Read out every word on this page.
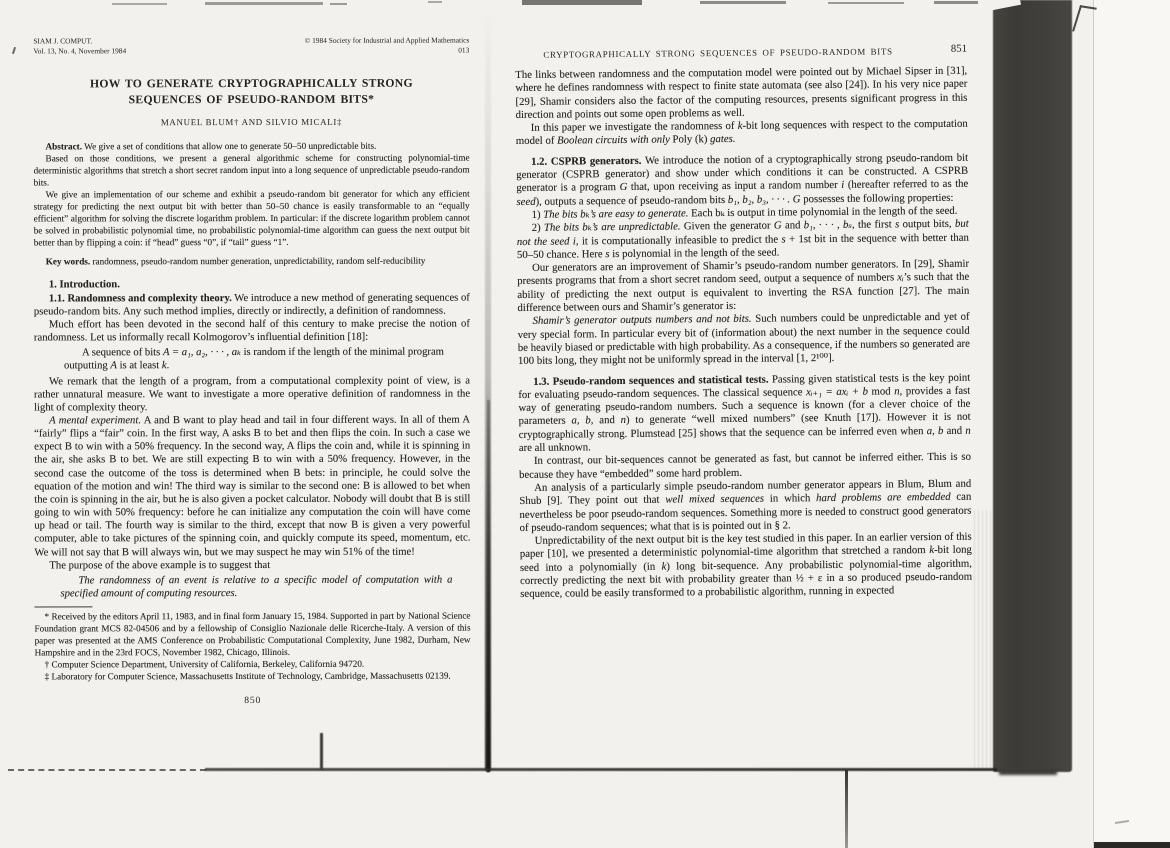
SIAM J. COMPUT.
Vol. 13, No. 4, November 1984
© 1984 Society for Industrial and Applied Mathematics
013
HOW TO GENERATE CRYPTOGRAPHICALLY STRONG
SEQUENCES OF PSEUDO-RANDOM BITS*
MANUEL BLUM† AND SILVIO MICALI‡

Abstract. We give a set of conditions that allow one to generate 50–50 unpredictable bits.

Based on those conditions, we present a general algorithmic scheme for constructing polynomial-time deterministic algorithms that stretch a short secret random input into a long sequence of unpredictable pseudo-random bits.

We give an implementation of our scheme and exhibit a pseudo-random bit generator for which any efficient strategy for predicting the next output bit with better than 50–50 chance is easily transformable to an “equally efficient” algorithm for solving the discrete logarithm problem. In particular: if the discrete logarithm problem cannot be solved in probabilistic polynomial time, no probabilistic polynomial-time algorithm can guess the next output bit better than by flipping a coin: if “head” guess “0”, if “tail” guess “1”.

Key words. randomness, pseudo-random number generation, unpredictability, random self-reducibility

1. Introduction.

1.1. Randomness and complexity theory. We introduce a new method of generating sequences of pseudo-random bits. Any such method implies, directly or indirectly, a definition of randomness.

Much effort has been devoted in the second half of this century to make precise the notion of randomness. Let us informally recall Kolmogorov’s influential definition [18]:

A sequence of bits A = a₁, a₂, · · · , aₖ is random if the length of the minimal program outputting A is at least k.

We remark that the length of a program, from a computational complexity point of view, is a rather unnatural measure. We want to investigate a more operative definition of randomness in the light of complexity theory.

A mental experiment. A and B want to play head and tail in four different ways. In all of them A “fairly” flips a “fair” coin. In the first way, A asks B to bet and then flips the coin. In such a case we expect B to win with a 50% frequency. In the second way, A flips the coin and, while it is spinning in the air, she asks B to bet. We are still expecting B to win with a 50% frequency. However, in the second case the outcome of the toss is determined when B bets: in principle, he could solve the equation of the motion and win! The third way is similar to the second one: B is allowed to bet when the coin is spinning in the air, but he is also given a pocket calculator. Nobody will doubt that B is still going to win with 50% frequency: before he can initialize any computation the coin will have come up head or tail. The fourth way is similar to the third, except that now B is given a very powerful computer, able to take pictures of the spinning coin, and quickly compute its speed, momentum, etc. We will not say that B will always win, but we may suspect he may win 51% of the time!

The purpose of the above example is to suggest that

The randomness of an event is relative to a specific model of computation with a specified amount of computing resources.

* Received by the editors April 11, 1983, and in final form January 15, 1984. Supported in part by National Science Foundation grant MCS 82-04506 and by a fellowship of Consiglio Nazionale delle Ricerche-Italy. A version of this paper was presented at the AMS Conference on Probabilistic Computational Complexity, June 1982, Durham, New Hampshire and in the 23rd FOCS, November 1982, Chicago, Illinois.

† Computer Science Department, University of California, Berkeley, California 94720.

‡ Laboratory for Computer Science, Massachusetts Institute of Technology, Cambridge, Massachusetts 02139.

850
CRYPTOGRAPHICALLY STRONG SEQUENCES OF PSEUDO-RANDOM BITS	851

The links between randomness and the computation model were pointed out by Michael Sipser in [31], where he defines randomness with respect to finite state automata (see also [24]). In his very nice paper [29], Shamir considers also the factor of the computing resources, presents significant progress in this direction and points out some open problems as well.

In this paper we investigate the randomness of k-bit long sequences with respect to the computation model of Boolean circuits with only Poly (k) gates.

1.2. CSPRB generators. We introduce the notion of a cryptographically strong pseudo-random bit generator (CSPRB generator) and show under which conditions it can be constructed. A CSPRB generator is a program G that, upon receiving as input a random number i (hereafter referred to as the seed), outputs a sequence of pseudo-random bits b₁, b₂, b₃, · · · . G possesses the following properties:

1) The bits bₖ’s are easy to generate. Each bₖ is output in time polynomial in the length of the seed.

2) The bits bₖ’s are unpredictable. Given the generator G and b₁, · · · , bₛ, the first s output bits, but not the seed i, it is computationally infeasible to predict the s + 1st bit in the sequence with better than 50–50 chance. Here s is polynomial in the length of the seed.

Our generators are an improvement of Shamir’s pseudo-random number generators. In [29], Shamir presents programs that from a short secret random seed, output a sequence of numbers xᵢ’s such that the ability of predicting the next output is equivalent to inverting the RSA function [27]. The main difference between ours and Shamir’s generator is:

Shamir’s generator outputs numbers and not bits. Such numbers could be unpredictable and yet of very special form. In particular every bit of (information about) the next number in the sequence could be heavily biased or predictable with high probability. As a consequence, if the numbers so generated are 100 bits long, they might not be uniformly spread in the interval [1, 2¹⁰⁰].

1.3. Pseudo-random sequences and statistical tests. Passing given statistical tests is the key point for evaluating pseudo-random sequences. The classical sequence xᵢ₊₁ = axᵢ + b mod n, provides a fast way of generating pseudo-random numbers. Such a sequence is known (for a clever choice of the parameters a, b, and n) to generate “well mixed numbers” (see Knuth [17]). However it is not cryptographically strong. Plumstead [25] shows that the sequence can be inferred even when a, b and n are all unknown.

In contrast, our bit-sequences cannot be generated as fast, but cannot be inferred either. This is so because they have “embedded” some hard problem.

An analysis of a particularly simple pseudo-random number generator appears in Blum, Blum and Shub [9]. They point out that well mixed sequences in which hard problems are embedded can nevertheless be poor pseudo-random sequences. Something more is needed to construct good generators of pseudo-random sequences; what that is is pointed out in § 2.

Unpredictability of the next output bit is the key test studied in this paper. In an earlier version of this paper [10], we presented a deterministic polynomial-time algorithm that stretched a random k-bit long seed into a polynomially (in k) long bit-sequence. Any probabilistic polynomial-time algorithm, correctly predicting the next bit with probability greater than ½ + ε in a so produced pseudo-random sequence, could be easily transformed to a probabilistic algorithm, running in expected
